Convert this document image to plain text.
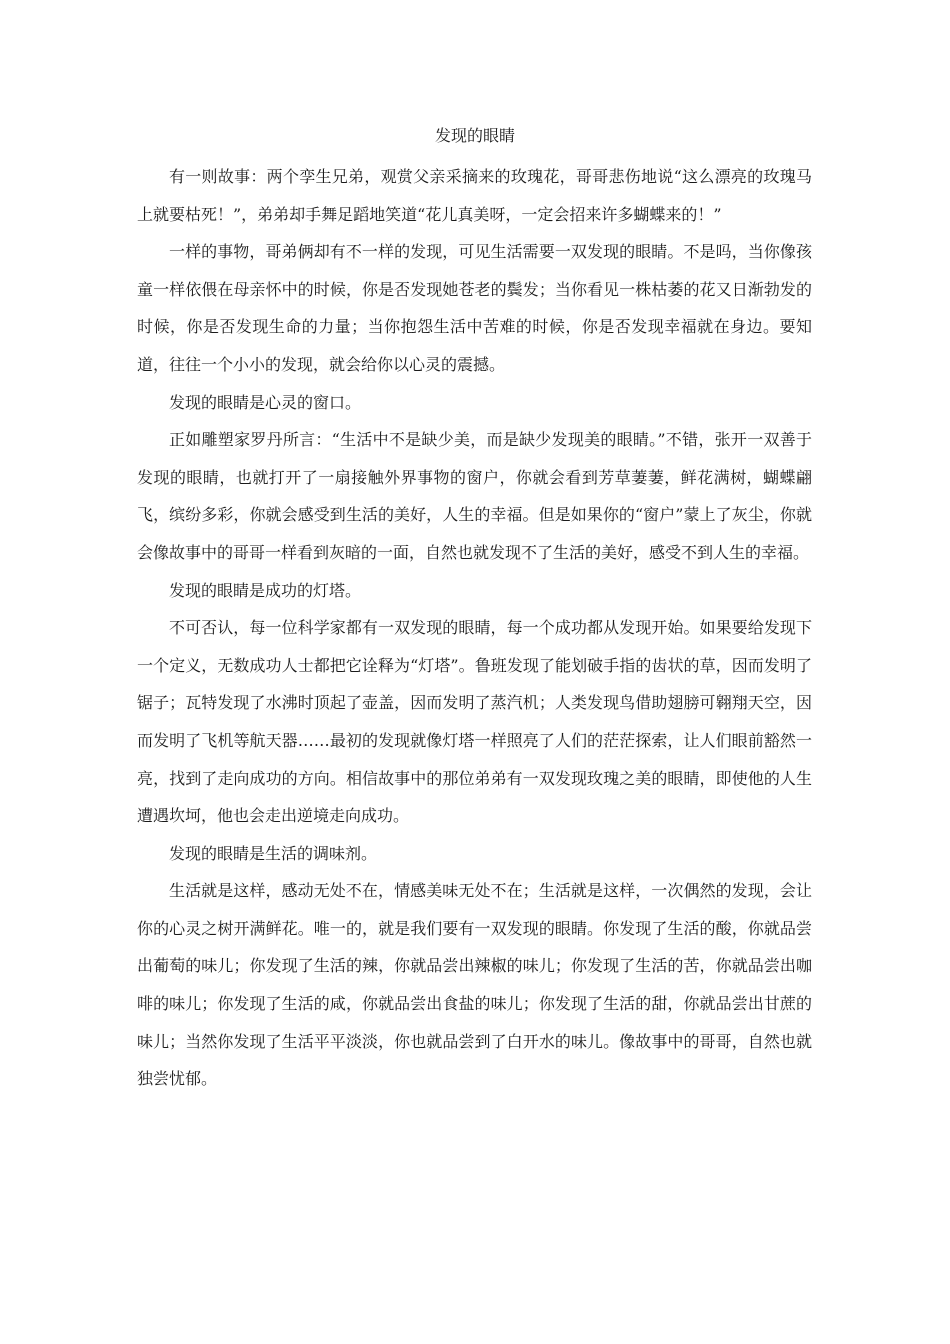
发现的眼睛

有一则故事：两个孪生兄弟，观赏父亲采摘来的玫瑰花，哥哥悲伤地说“这么漂亮的玫瑰马上就要枯死！”，弟弟却手舞足蹈地笑道“花儿真美呀，一定会招来许多蝴蝶来的！”

一样的事物，哥弟俩却有不一样的发现，可见生活需要一双发现的眼睛。不是吗，当你像孩童一样依偎在母亲怀中的时候，你是否发现她苍老的鬓发；当你看见一株枯萎的花又日渐勃发的时候，你是否发现生命的力量；当你抱怨生活中苦难的时候，你是否发现幸福就在身边。要知道，往往一个小小的发现，就会给你以心灵的震撼。

发现的眼睛是心灵的窗口。

正如雕塑家罗丹所言：“生活中不是缺少美，而是缺少发现美的眼睛。”不错，张开一双善于发现的眼睛，也就打开了一扇接触外界事物的窗户，你就会看到芳草萋萋，鲜花满树，蝴蝶翩飞，缤纷多彩，你就会感受到生活的美好，人生的幸福。但是如果你的“窗户”蒙上了灰尘，你就会像故事中的哥哥一样看到灰暗的一面，自然也就发现不了生活的美好，感受不到人生的幸福。

发现的眼睛是成功的灯塔。

不可否认，每一位科学家都有一双发现的眼睛，每一个成功都从发现开始。如果要给发现下一个定义，无数成功人士都把它诠释为“灯塔”。鲁班发现了能划破手指的齿状的草，因而发明了锯子；瓦特发现了水沸时顶起了壶盖，因而发明了蒸汽机；人类发现鸟借助翅膀可翱翔天空，因而发明了飞机等航天器……最初的发现就像灯塔一样照亮了人们的茫茫探索，让人们眼前豁然一亮，找到了走向成功的方向。相信故事中的那位弟弟有一双发现玫瑰之美的眼睛，即使他的人生遭遇坎坷，他也会走出逆境走向成功。

发现的眼睛是生活的调味剂。

生活就是这样，感动无处不在，情感美味无处不在；生活就是这样，一次偶然的发现，会让你的心灵之树开满鲜花。唯一的，就是我们要有一双发现的眼睛。你发现了生活的酸，你就品尝出葡萄的味儿；你发现了生活的辣，你就品尝出辣椒的味儿；你发现了生活的苦，你就品尝出咖啡的味儿；你发现了生活的咸，你就品尝出食盐的味儿；你发现了生活的甜，你就品尝出甘蔗的味儿；当然你发现了生活平平淡淡，你也就品尝到了白开水的味儿。像故事中的哥哥，自然也就独尝忧郁。
